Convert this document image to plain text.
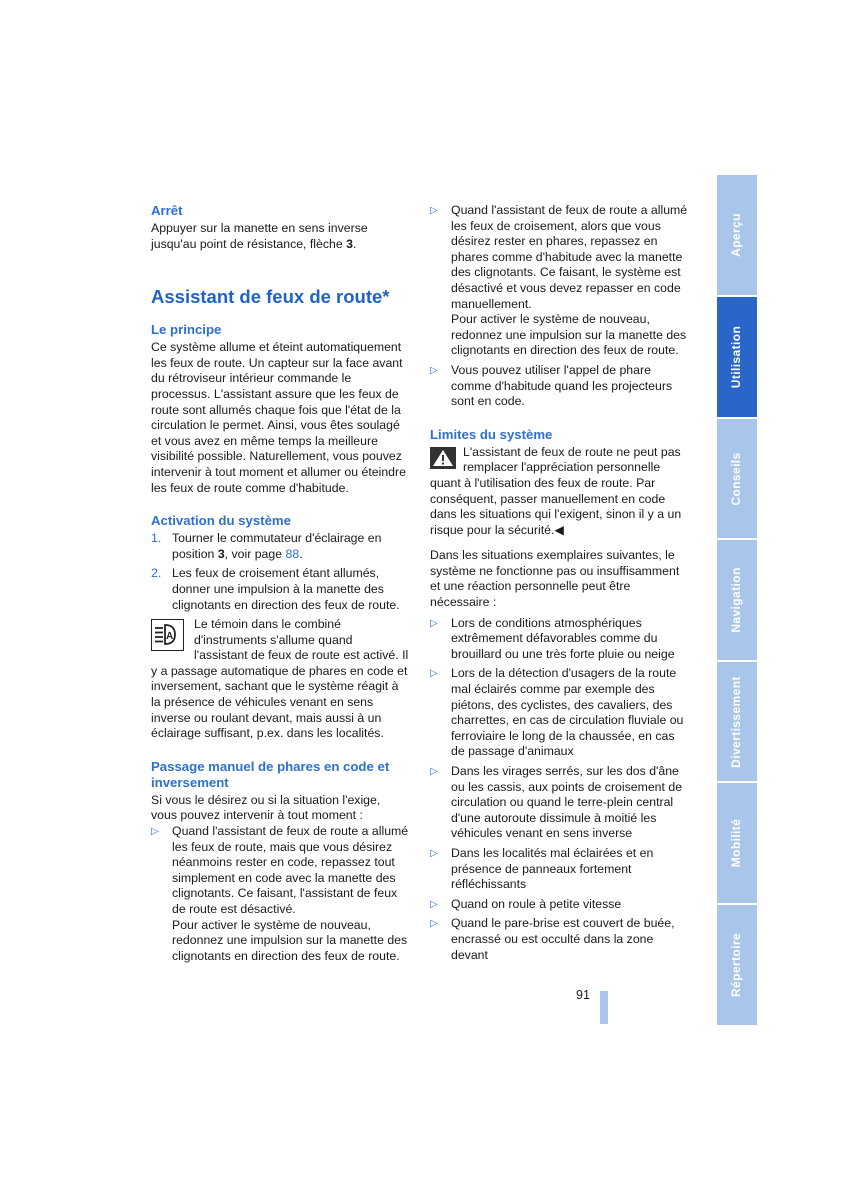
Arrêt

Appuyer sur la manette en sens inverse jusqu'au point de résistance, flèche 3.

Assistant de feux de route*
Le principe

Ce système allume et éteint automatiquement les feux de route. Un capteur sur la face avant du rétroviseur intérieur commande le processus. L'assistant assure que les feux de route sont allumés chaque fois que l'état de la circulation le permet. Ainsi, vous êtes soulagé et vous avez en même temps la meilleure visibilité possible. Naturellement, vous pouvez intervenir à tout moment et allumer ou éteindre les feux de route comme d'habitude.

Activation du système
1. Tourner le commutateur d'éclairage en position 3, voir page 88.
2. Les feux de croisement étant allumés, donner une impulsion à la manette des clignotants en direction des feux de route.
A

Le témoin dans le combiné d'instruments s'allume quand l'assistant de feux de route est activé. Il y a passage automatique de phares en code et inversement, sachant que le système réagit à la présence de véhicules venant en sens inverse ou roulant devant, mais aussi à un éclairage suffisant, p.ex. dans les localités.

Passage manuel de phares en code et inversement

Si vous le désirez ou si la situation l'exige, vous pouvez intervenir à tout moment :

▷ Quand l'assistant de feux de route a allumé les feux de route, mais que vous désirez néanmoins rester en code, repassez tout simplement en code avec la manette des clignotants. Ce faisant, l'assistant de feux de route est désactivé.
Pour activer le système de nouveau, redonnez une impulsion sur la manette des clignotants en direction des feux de route.
▷ Quand l'assistant de feux de route a allumé les feux de croisement, alors que vous désirez rester en phares, repassez en phares comme d'habitude avec la manette des clignotants. Ce faisant, le système est désactivé et vous devez repasser en code manuellement.
Pour activer le système de nouveau, redonnez une impulsion sur la manette des clignotants en direction des feux de route.
▷ Vous pouvez utiliser l'appel de phare comme d'habitude quand les projecteurs sont en code.
Limites du système

L'assistant de feux de route ne peut pas remplacer l'appréciation personnelle quant à l'utilisation des feux de route. Par conséquent, passer manuellement en code dans les situations qui l'exigent, sinon il y a un risque pour la sécurité.◀

Dans les situations exemplaires suivantes, le système ne fonctionne pas ou insuffisamment et une réaction personnelle peut être nécessaire :

▷ Lors de conditions atmosphériques extrêmement défavorables comme du brouillard ou une très forte pluie ou neige
▷ Lors de la détection d'usagers de la route mal éclairés comme par exemple des piétons, des cyclistes, des cavaliers, des charrettes, en cas de circulation fluviale ou ferroviaire le long de la chaussée, en cas de passage d'animaux
▷ Dans les virages serrés, sur les dos d'âne ou les cassis, aux points de croisement de circulation ou quand le terre-plein central d'une autoroute dissimule à moitié les véhicules venant en sens inverse
▷ Dans les localités mal éclairées et en présence de panneaux fortement réfléchissants
▷ Quand on roule à petite vitesse
▷ Quand le pare-brise est couvert de buée, encrassé ou est occulté dans la zone devant
91
Aperçu
Utilisation
Conseils
Navigation
Divertissement
Mobilité
Répertoire
